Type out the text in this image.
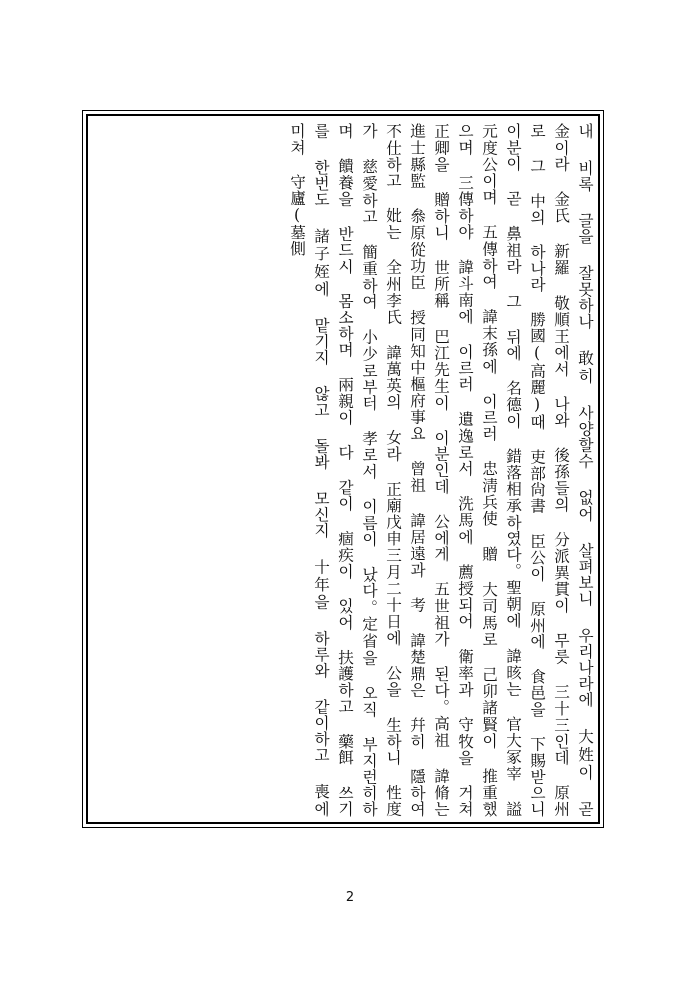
내 비록 글을 잘못하나 敢히 사양할수 없어 살펴보니 우리나라에 大姓이 곧 金이라 金氏 新羅 敬順王에서 나와 後孫들의 分派異貫이 무릇 三十三인데 原州로 그 中의 하나라 勝國(高麗)때 吏部尙書 臣公이 原州에 食邑을 下賜받으니 이분이 곧 鼻祖라 그 뒤에 名德이 錯落相承하였다。聖朝에 諱晐는 官大冢宰 謚元度公이며 五傳하여 諱末孫에 이르러 忠淸兵使 贈 大司馬로 己卯諸賢이 推重했으며 三傳하야 諱斗南에 이르러 遺逸로서 洗馬에 薦授되어 衛率과 守牧을 거쳐 正卿을 贈하니 世所稱 巴江先生이 이분인데 公에게 五世祖가 된다。高祖 諱脩는 進士縣監 叅原從功臣 授同知中樞府事요 曾祖 諱居遠과 考 諱楚鼎은 幷히 隱하여 不仕하고 妣는 全州李氏 諱萬英의 女라 正廟戊申三月二十日에 公을 生하니 性度가 慈愛하고 簡重하여 小少로부터 孝로서 이름이 났다。定省을 오직 부지런히하며 饋養을 반드시 몸소하며 兩親이 다 같이 痼疾이 있어 扶護하고 藥餌 쓰기를 한번도 諸子姪에 맡기지 않고 돌봐 모신지 十年을 하루와 같이하고 喪에 미쳐 守廬(墓側

2
